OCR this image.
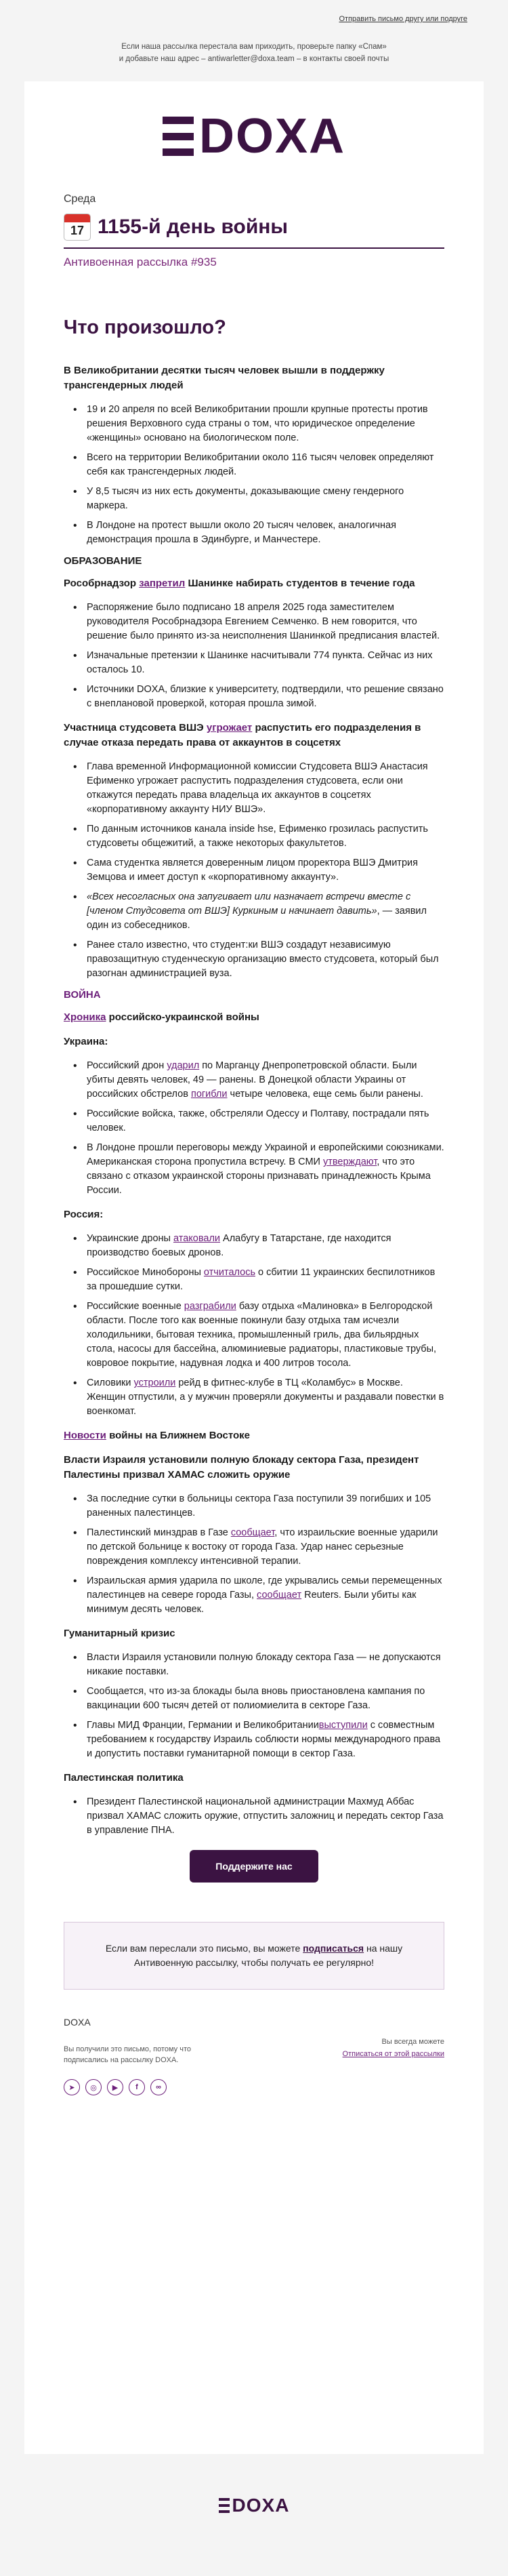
Отправить письмо другу или подруге
Если наша рассылка перестала вам приходить, проверьте папку «Спам»
и добавьте наш адрес – antiwarletter@doxa.team – в контакты своей почты
DOXA
Среда
17 1155-й день войны
Антивоенная рассылка #935
Что произошло?
В Великобритании десятки тысяч человек вышли в поддержку трансгендерных людей
• 19 и 20 апреля по всей Великобритании прошли крупные протесты против решения Верховного суда страны о том, что юридическое определение «женщины» основано на биологическом поле.
• Всего на территории Великобритании около 116 тысяч человек определяют себя как трансгендерных людей.
• У 8,5 тысяч из них есть документы, доказывающие смену гендерного маркера.
• В Лондоне на протест вышли около 20 тысяч человек, аналогичная демонстрация прошла в Эдинбурге, и Манчестере.
ОБРАЗОВАНИЕ
Рособрнадзор запретил Шанинке набирать студентов в течение года
• Распоряжение было подписано 18 апреля 2025 года заместителем руководителя Рособрнадзора Евгением Семченко. В нем говорится, что решение было принято из-за неисполнения Шанинкой предписания властей.
• Изначальные претензии к Шанинке насчитывали 774 пункта. Сейчас из них осталось 10.
• Источники DOXA, близкие к университету, подтвердили, что решение связано с внеплановой проверкой, которая прошла зимой.
Участница студсовета ВШЭ угрожает распустить его подразделения в случае отказа передать права от аккаунтов в соцсетях
• Глава временной Информационной комиссии Студсовета ВШЭ Анастасия Ефименко угрожает распустить подразделения студсовета, если они откажутся передать права владельца их аккаунтов в соцсетях «корпоративному аккаунту НИУ ВШЭ».
• По данным источников канала inside hse, Ефименко грозилась распустить студсоветы общежитий, а также некоторых факультетов.
• Сама студентка является доверенным лицом проректора ВШЭ Дмитрия Земцова и имеет доступ к «корпоративному аккаунту».
• «Всех несогласных она запугивает или назначает встречи вместе с [членом Студсовета от ВШЭ] Куркиным и начинает давить», — заявил один из собеседников.
• Ранее стало известно, что студент:ки ВШЭ создадут независимую правозащитную студенческую организацию вместо студсовета, который был разогнан администрацией вуза.
ВОЙНА
Хроника российско-украинской войны
Украина:
• Российский дрон ударил по Марганцу Днепропетровской области. Были убиты девять человек, 49 — ранены. В Донецкой области Украины от российских обстрелов погибли четыре человека, еще семь были ранены.
• Российские войска, также, обстреляли Одессу и Полтаву, пострадали пять человек.
• В Лондоне прошли переговоры между Украиной и европейскими союзниками. Американская сторона пропустила встречу. В СМИ утверждают, что это связано с отказом украинской стороны признавать принадлежность Крыма России.
Россия:
• Украинские дроны атаковали Алабугу в Татарстане, где находится производство боевых дронов.
• Российское Минобороны отчиталось о сбитии 11 украинских беспилотников за прошедшие сутки.
• Российские военные разграбили базу отдыха «Малиновка» в Белгородской области. После того как военные покинули базу отдыха там исчезли холодильники, бытовая техника, промышленный гриль, два бильярдных стола, насосы для бассейна, алюминиевые радиаторы, пластиковые трубы, ковровое покрытие, надувная лодка и 400 литров тосола.
• Силовики устроили рейд в фитнес-клубе в ТЦ «Коламбус» в Москве. Женщин отпустили, а у мужчин проверяли документы и раздавали повестки в военкомат.
Новости войны на Ближнем Востоке
Власти Израиля установили полную блокаду сектора Газа, президент Палестины призвал ХАМАС сложить оружие
• За последние сутки в больницы сектора Газа поступили 39 погибших и 105 раненных палестинцев.
• Палестинский минздрав в Газе сообщает, что израильские военные ударили по детской больнице к востоку от города Газа. Удар нанес серьезные повреждения комплексу интенсивной терапии.
• Израильская армия ударила по школе, где укрывались семьи перемещенных палестинцев на севере города Газы, сообщает Reuters. Были убиты как минимум десять человек.
Гуманитарный кризис
• Власти Израиля установили полную блокаду сектора Газа — не допускаются никакие поставки.
• Сообщается, что из-за блокады была вновь приостановлена кампания по вакцинации 600 тысяч детей от полиомиелита в секторе Газа.
• Главы МИД Франции, Германии и Великобританиивыступили с совместным требованием к государству Израиль соблюсти нормы международного права и допустить поставки гуманитарной помощи в сектор Газа.
Палестинская политика
• Президент Палестинской национальной администрации Махмуд Аббас призвал ХАМАС сложить оружие, отпустить заложниц и передать сектор Газа в управление ПНА.
Поддержите нас
Если вам переслали это письмо, вы можете подписаться на нашу Антивоенную рассылку, чтобы получать ее регулярно!
DOXA
Вы получили это письмо, потому что подписались на рассылку DOXA.
Вы всегда можете
Отписаться от этой рассылки
➤	◎	▶	f	∞
DOXA
